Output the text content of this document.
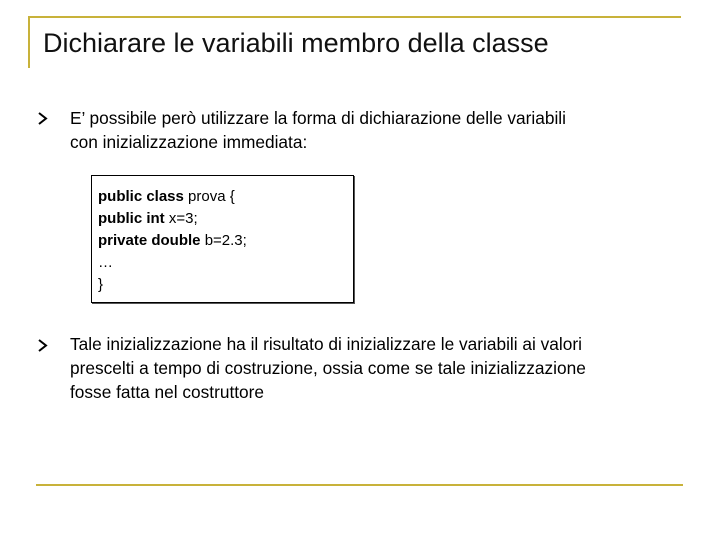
Dichiarare le variabili membro della classe
E’ possibile però utilizzare la forma di dichiarazione delle variabili
con inizializzazione immediata:
public class prova {
public int x=3;
private double b=2.3;
…
}
Tale inizializzazione ha il risultato di inizializzare le variabili ai valori
prescelti a tempo di costruzione, ossia come se tale inizializzazione
fosse fatta nel costruttore
